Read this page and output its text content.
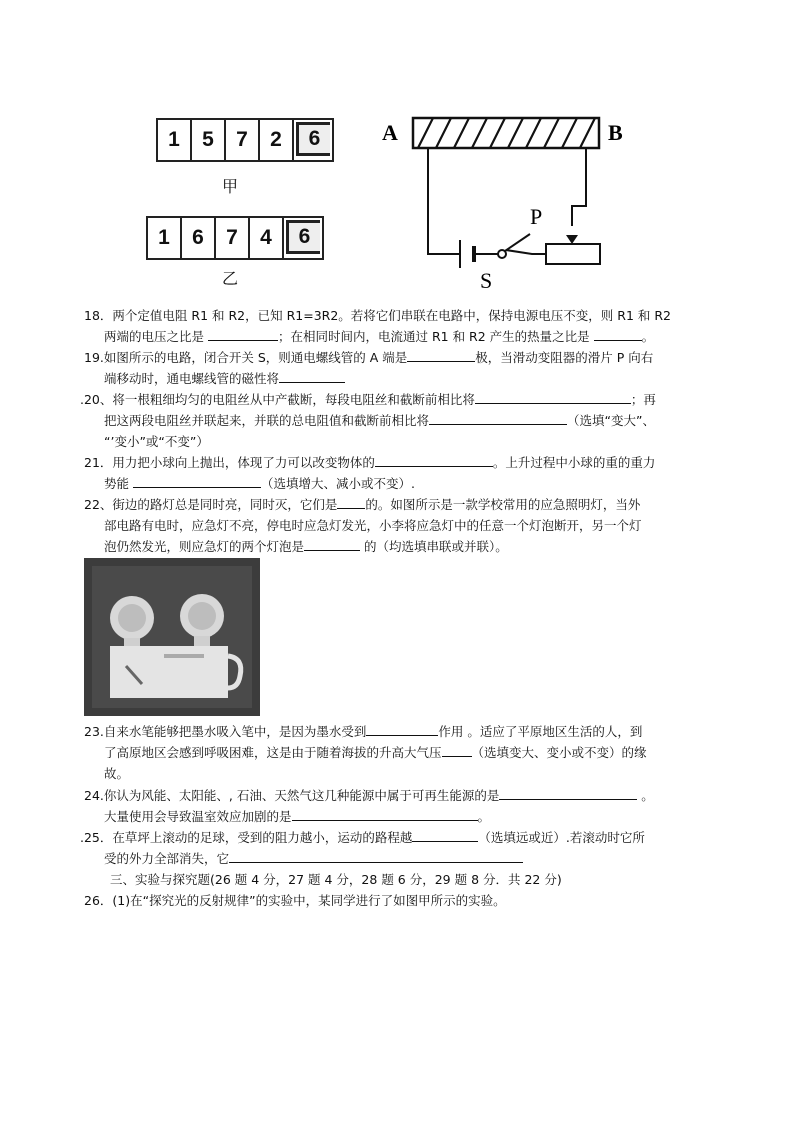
1	5	7	2	6
甲
1	6	7	4	6
乙
A	B
P
S
18．两个定值电阻 R1 和 R2，已知 R1=3R2。若将它们串联在电路中，保持电源电压不变，则 R1 和 R2
两端的电压之比是	；在相同时间内，电流通过 R1 和 R2 产生的热量之比是	。
19.如图所示的电路，闭合开关 S，则通电螺线管的 A 端是	极，当滑动变阻器的滑片 P 向右
端移动时，通电螺线管的磁性将
.20、将一根粗细均匀的电阻丝从中产截断，每段电阻丝和截断前相比将	；再
把这两段电阻丝并联起来，并联的总电阻值和截断前相比将	（选填“变大”、
“’变小”或“不变”）
21．用力把小球向上抛出，体现了力可以改变物体的	。上升过程中小球的重的重力
势能	（选填增大、减小或不变）.
22、街边的路灯总是同时亮，同时灭，它们是 的。如图所示是一款学校常用的应急照明灯，当外
部电路有电时，应急灯不亮，停电时应急灯发光，小李将应急灯中的任意一个灯泡断开，另一个灯
泡仍然发光，则应急灯的两个灯泡是	的（均选填串联或并联）。
23.自来水笔能够把墨水吸入笔中，是因为墨水受到	作用 。适应了平原地区生活的人，到
了高原地区会感到呼吸困难，这是由于随着海拔的升高大气压 （选填变大、变小或不变）的缘
故。
24.你认为风能、太阳能、, 石油、天然气这几种能源中属于可再生能源的是	。
大量使用会导致温室效应加剧的是	。
.25．在草坪上滚动的足球，受到的阻力越小，运动的路程越	（选填远或近）.若滚动时它所
受的外力全部消失，它
三、实验与探究题(26 题 4 分，27 题 4 分，28 题 6 分，29 题 8 分．共 22 分)
26．(1)在“探究光的反射规律”的实验中，某同学进行了如图甲所示的实验。
